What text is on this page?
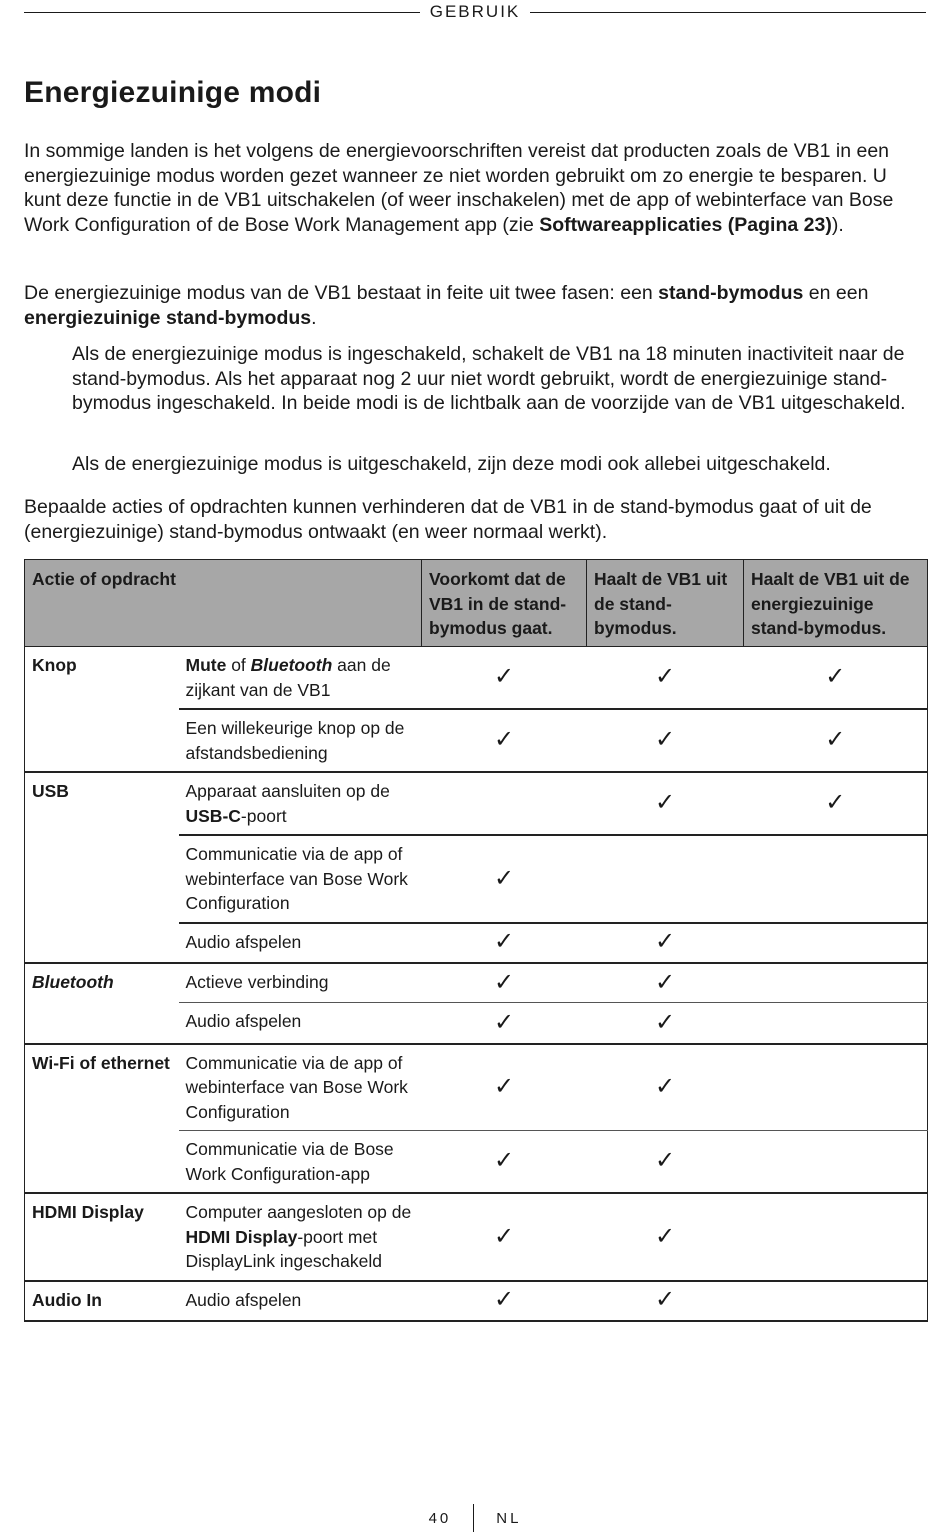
GEBRUIK
Energiezuinige modi

In sommige landen is het volgens de energievoorschriften vereist dat producten zoals de VB1 in een energiezuinige modus worden gezet wanneer ze niet worden gebruikt om zo energie te besparen. U kunt deze functie in de VB1 uitschakelen (of weer inschakelen) met de app of webinterface van Bose Work Configuration of de Bose Work Management app (zie Softwareapplicaties (Pagina 23)).

De energiezuinige modus van de VB1 bestaat in feite uit twee fasen: een stand-bymodus en een energiezuinige stand-bymodus.

Als de energiezuinige modus is ingeschakeld, schakelt de VB1 na 18 minuten inactiviteit naar de stand-bymodus. Als het apparaat nog 2 uur niet wordt gebruikt, wordt de energiezuinige stand-bymodus ingeschakeld. In beide modi is de lichtbalk aan de voorzijde van de VB1 uitgeschakeld.

Als de energiezuinige modus is uitgeschakeld, zijn deze modi ook allebei uitgeschakeld.

Bepaalde acties of opdrachten kunnen verhinderen dat de VB1 in de stand-bymodus gaat of uit de (energiezuinige) stand-bymodus ontwaakt (en weer normaal werkt).

Actie of opdracht		Voorkomt dat de VB1 in de stand-bymodus gaat.	Haalt de VB1 uit de stand-bymodus.	Haalt de VB1 uit de energiezuinige stand-bymodus.
Knop	Mute of Bluetooth aan de zijkant van de VB1	✓	✓	✓
	Een willekeurige knop op de afstandsbediening	✓	✓	✓
USB	Apparaat aansluiten op de USB-C-poort		✓	✓
	Communicatie via de app of webinterface van Bose Work Configuration	✓		
	Audio afspelen	✓	✓	
Bluetooth	Actieve verbinding	✓	✓	
	Audio afspelen	✓	✓	
Wi-Fi of ethernet	Communicatie via de app of webinterface van Bose Work Configuration	✓	✓	
	Communicatie via de Bose Work Configuration-app	✓	✓	
HDMI Display	Computer aangesloten op de HDMI Display-poort met DisplayLink ingeschakeld	✓	✓	
Audio In	Audio afspelen	✓	✓	
40	NL
